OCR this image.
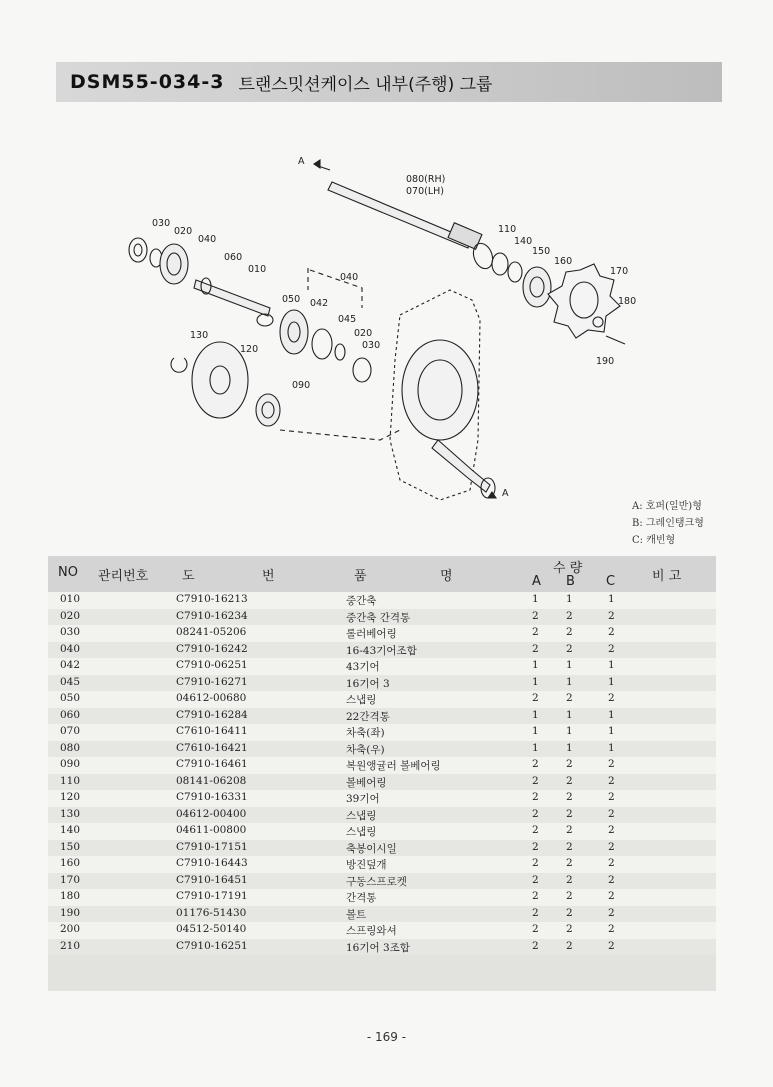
DSM55-034-3 트랜스밋션케이스 내부(주행) 그룹
030
020
040
060
010
040
050 042
045
020
030
130
120
090
080(RH)
070(LH)
110
140
150
160
170
180
190
A
A
A: 호퍼(일반)형
B: 그레인탱크형
C: 캐빈형
NO 관리번호	도	번	품	명
수 량
A B C	비 고
010	C7910-16213	중간축	1	1	1
020	C7910-16234	중간축 간격통	2	2	2
030	08241-05206	롤러베어링	2	2	2
040	C7910-16242	16-43기어조합	2	2	2
042	C7910-06251	43기어	1	1	1
045	C7910-16271	16기어 3	1	1	1
050	04612-00680	스냅링	2	2	2
060	C7910-16284	22간격통	1	1	1
070	C7610-16411	차축(좌)	1	1	1
080	C7610-16421	차축(우)	1	1	1
090	C7910-16461	복원앵귤러 볼베어링	2	2	2
110	08141-06208	볼베어링	2	2	2
120	C7910-16331	39기어	2	2	2
130	04612-00400	스냅링	2	2	2
140	04611-00800	스냅링	2	2	2
150	C7910-17151	축봉이시일	2	2	2
160	C7910-16443	방진덮개	2	2	2
170	C7910-16451	구동스프로켓	2	2	2
180	C7910-17191	간격통	2	2	2
190	01176-51430	볼트	2	2	2
200	04512-50140	스프링와셔	2	2	2
210	C7910-16251	16기어 3조합	2	2	2
- 169 -
